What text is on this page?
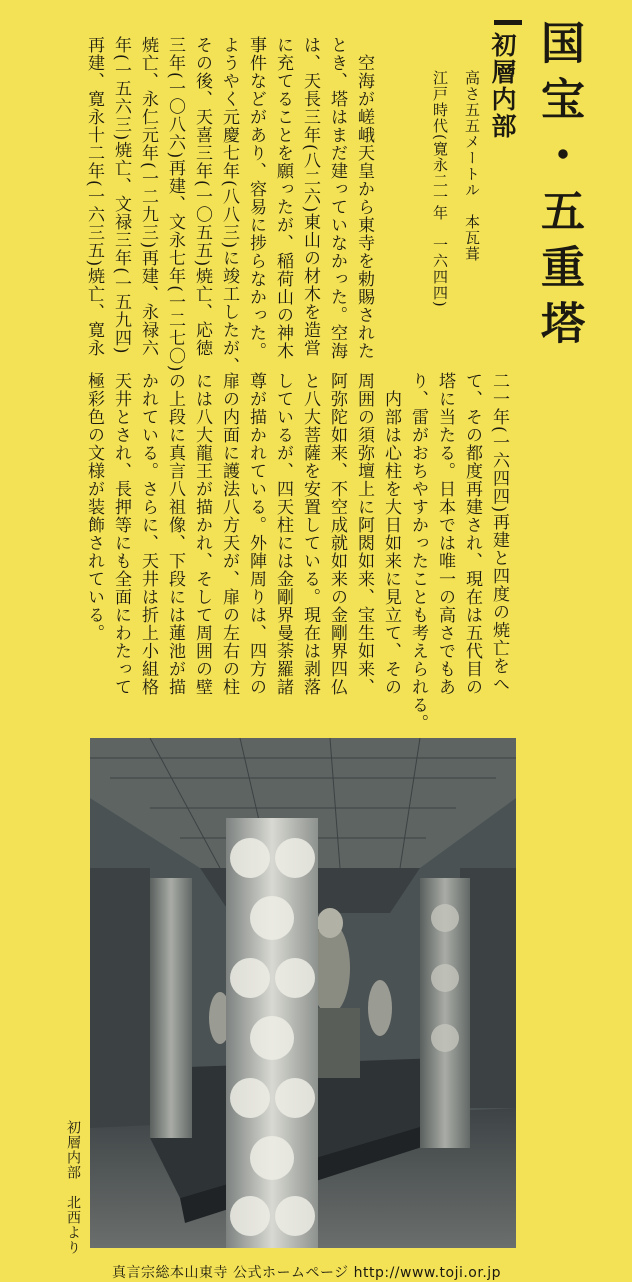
国宝・五重塔
初層内部
高さ五五メートル　本瓦葺
江戸時代(寛永二一年　一六四四)
　空海が嵯峨天皇から東寺を勅賜された
とき、塔はまだ建っていなかった。空海
は、天長三年(八二六)東山の材木を造営
に充てることを願ったが、稲荷山の神木
事件などがあり、容易に捗らなかった。
ようやく元慶七年(八八三)に竣工したが、
その後、天喜三年(一〇五五)焼亡、応徳
三年(一〇八六)再建、文永七年(一二七〇)
焼亡、永仁元年(一二九三)再建、永禄六
年(一五六三)焼亡、文禄三年(一五九四)
再建、寛永十二年(一六三五)焼亡、寛永
二一年(一六四四)再建と四度の焼亡をへ
て、その都度再建され、現在は五代目の
塔に当たる。日本では唯一の高さでもあ
り、雷がおちやすかったことも考えられる。
　内部は心柱を大日如来に見立て、その
周囲の須弥壇上に阿閦如来、宝生如来、
阿弥陀如来、不空成就如来の金剛界四仏
と八大菩薩を安置している。現在は剥落
しているが、四天柱には金剛界曼荼羅諸
尊が描かれている。外陣周りは、四方の
扉の内面に護法八方天が、扉の左右の柱
には八大龍王が描かれ、そして周囲の壁
の上段に真言八祖像、下段には蓮池が描
かれている。さらに、天井は折上小組格
天井とされ、長押等にも全面にわたって
極彩色の文様が装飾されている。
初層内部　北西より
真言宗総本山東寺 公式ホームページ http://www.toji.or.jp
